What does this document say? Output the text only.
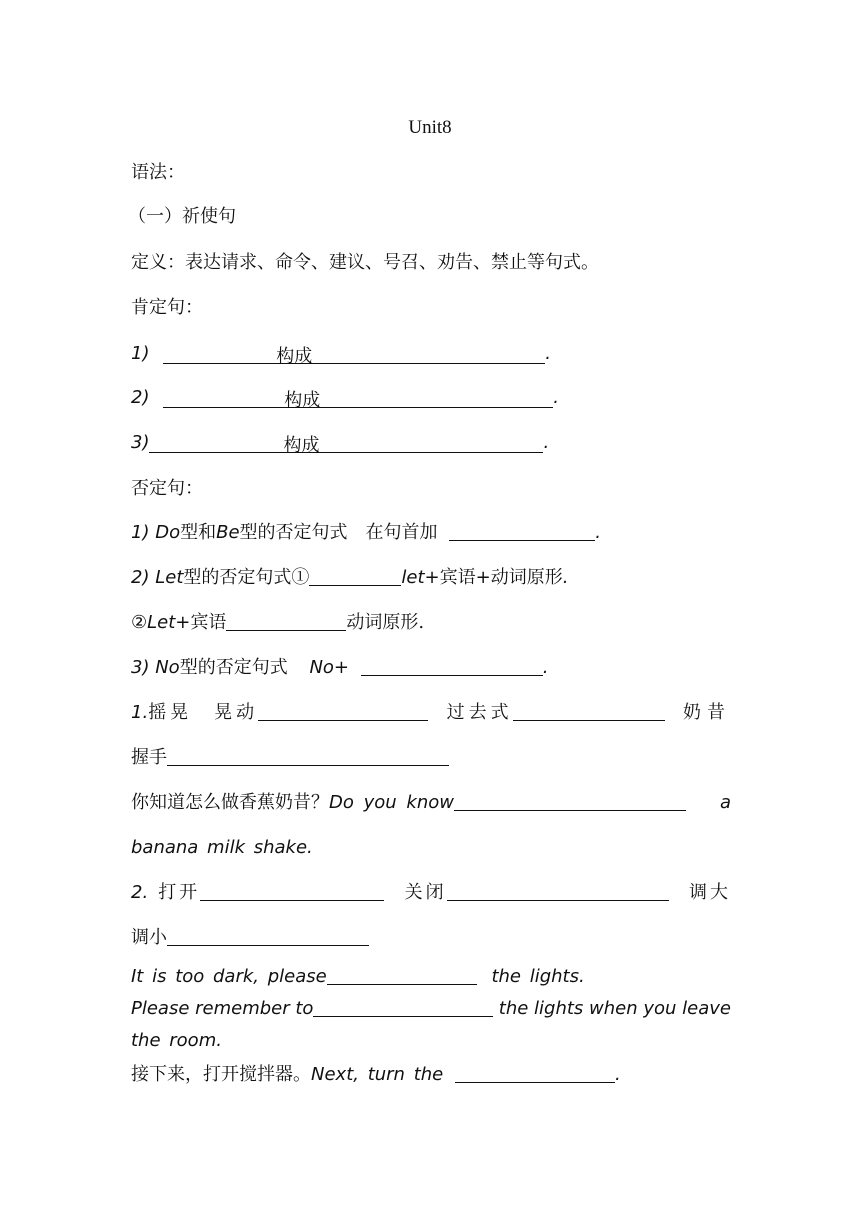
Unit8
语法：
（一）祈使句
定义：表达请求、命令、建议、号召、劝告、禁止等句式。
肯定句：
1)	构成	.
2)	构成	.
3)	构成	.
否定句：
1) Do型和Be型的否定句式　在句首加	.
2) Let型的否定句式①	let+宾语+动词原形.
②Let+宾语	动词原形.
3) No型的否定句式 No+	.
1.摇晃　晃动	过去式	奶昔
握手
你知道怎么做香蕉奶昔？Do you know	a
banana milk shake.
2. 打开	关闭	调大
调小
It is too dark, please	the lights.
Please remember to	the lights when you leave
the room.
接下来，打开搅拌器。Next, turn the	.
